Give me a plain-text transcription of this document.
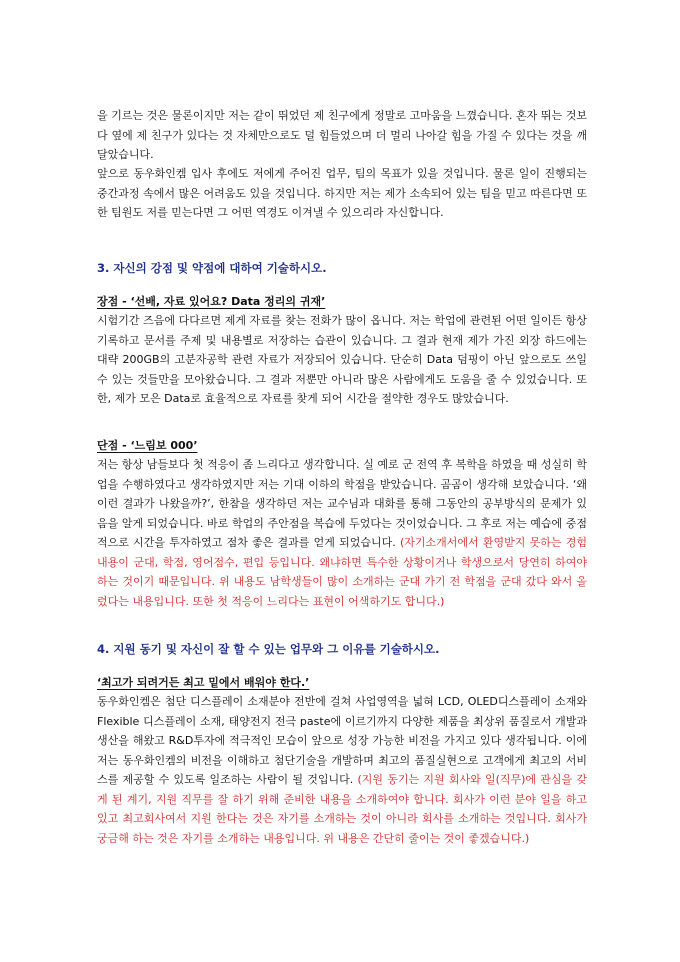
을 기르는 것은 물론이지만 저는 같이 뛰었던 제 친구에게 정말로 고마움을 느꼈습니다. 혼자 뛰는 것보다 옆에 제 친구가 있다는 것 자체만으로도 덜 힘들었으며 더 멀리 나아갈 힘을 가질 수 있다는 것을 깨달았습니다.

앞으로 동우화인켐 입사 후에도 저에게 주어진 업무, 팀의 목표가 있을 것입니다. 물론 일이 진행되는 중간과정 속에서 많은 어려움도 있을 것입니다. 하지만 저는 제가 소속되어 있는 팀을 믿고 따른다면 또한 팀원도 저를 믿는다면 그 어떤 역경도 이겨낼 수 있으리라 자신합니다.

3. 자신의 강점 및 약점에 대하여 기술하시오.

장점 - ‘선배, 자료 있어요? Data 정리의 귀재’

시험기간 즈음에 다다르면 제게 자료를 찾는 전화가 많이 옵니다. 저는 학업에 관련된 어떤 일이든 항상 기록하고 문서를 주제 및 내용별로 저장하는 습관이 있습니다. 그 결과 현재 제가 가진 외장 하드에는 대략 200GB의 고분자공학 관련 자료가 저장되어 있습니다. 단순히 Data 덤핑이 아닌 앞으로도 쓰일 수 있는 것들만을 모아왔습니다. 그 결과 저뿐만 아니라 많은 사람에게도 도움을 줄 수 있었습니다. 또한, 제가 모은 Data로 효율적으로 자료를 찾게 되어 시간을 절약한 경우도 많았습니다.

단점 - ‘느림보 000’

저는 항상 남들보다 첫 적응이 좀 느리다고 생각합니다. 실 예로 군 전역 후 복학을 하였을 때 성실히 학업을 수행하였다고 생각하였지만 저는 기대 이하의 학점을 받았습니다. 곰곰이 생각해 보았습니다. ‘왜 이런 결과가 나왔을까?’, 한참을 생각하던 저는 교수님과 대화를 통해 그동안의 공부방식의 문제가 있음을 알게 되었습니다. 바로 학업의 주안점을 복습에 두었다는 것이었습니다. 그 후로 저는 예습에 중점적으로 시간을 투자하였고 점차 좋은 결과를 얻게 되었습니다. (자기소개서에서 환영받지 못하는 경험내용이 군대, 학점, 영어점수, 편입 등입니다. 왜냐하면 특수한 상황이거나 학생으로서 당연히 하여야 하는 것이기 때문입니다. 위 내용도 남학생들이 많이 소개하는 군대 가기 전 학점을 군대 갔다 와서 올렸다는 내용입니다. 또한 첫 적응이 느리다는 표현이 어색하기도 합니다.)

4. 지원 동기 및 자신이 잘 할 수 있는 업무와 그 이유를 기술하시오.

‘최고가 되려거든 최고 밑에서 배워야 한다.’

동우화인켐은 첨단 디스플레이 소재분야 전반에 걸쳐 사업영역을 넓혀 LCD, OLED디스플레이 소재와 Flexible 디스플레이 소재, 태양전지 전극 paste에 이르기까지 다양한 제품을 최상위 품질로서 개발과 생산을 해왔고 R&D투자에 적극적인 모습이 앞으로 성장 가능한 비전을 가지고 있다 생각됩니다. 이에 저는 동우화인켐의 비전을 이해하고 첨단기술을 개발하며 최고의 품질실현으로 고객에게 최고의 서비스를 제공할 수 있도록 일조하는 사람이 될 것입니다. (지원 동기는 지원 회사와 일(직무)에 관심을 갖게 된 계기, 지원 직무를 잘 하기 위해 준비한 내용을 소개하여야 합니다. 회사가 이런 분야 일을 하고 있고 최고회사여서 지원 한다는 것은 자기를 소개하는 것이 아니라 회사를 소개하는 것입니다. 회사가 궁금해 하는 것은 자기를 소개하는 내용입니다. 위 내용은 간단히 줄이는 것이 좋겠습니다.)
